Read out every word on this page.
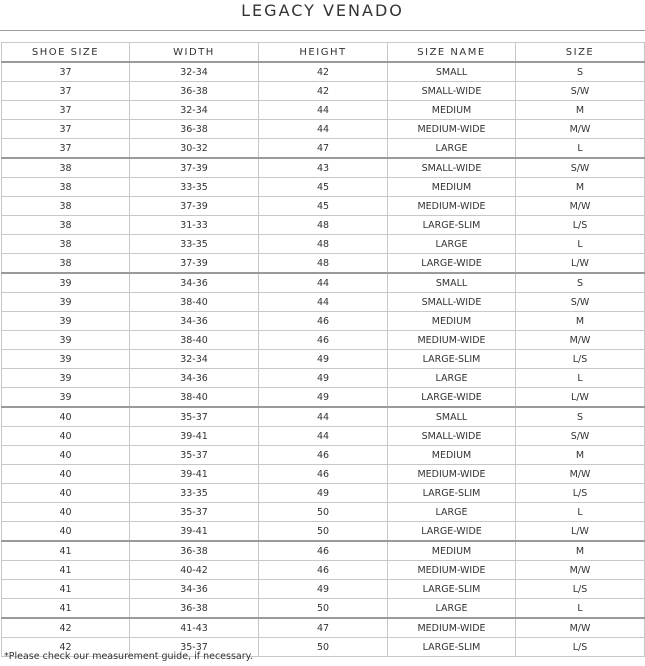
LEGACY VENADO
SHOE SIZE	WIDTH	HEIGHT	SIZE NAME	SIZE
37	32-34	42	SMALL	S
37	36-38	42	SMALL-WIDE	S/W
37	32-34	44	MEDIUM	M
37	36-38	44	MEDIUM-WIDE	M/W
37	30-32	47	LARGE	L
38	37-39	43	SMALL-WIDE	S/W
38	33-35	45	MEDIUM	M
38	37-39	45	MEDIUM-WIDE	M/W
38	31-33	48	LARGE-SLIM	L/S
38	33-35	48	LARGE	L
38	37-39	48	LARGE-WIDE	L/W
39	34-36	44	SMALL	S
39	38-40	44	SMALL-WIDE	S/W
39	34-36	46	MEDIUM	M
39	38-40	46	MEDIUM-WIDE	M/W
39	32-34	49	LARGE-SLIM	L/S
39	34-36	49	LARGE	L
39	38-40	49	LARGE-WIDE	L/W
40	35-37	44	SMALL	S
40	39-41	44	SMALL-WIDE	S/W
40	35-37	46	MEDIUM	M
40	39-41	46	MEDIUM-WIDE	M/W
40	33-35	49	LARGE-SLIM	L/S
40	35-37	50	LARGE	L
40	39-41	50	LARGE-WIDE	L/W
41	36-38	46	MEDIUM	M
41	40-42	46	MEDIUM-WIDE	M/W
41	34-36	49	LARGE-SLIM	L/S
41	36-38	50	LARGE	L
42	41-43	47	MEDIUM-WIDE	M/W
42	35-37	50	LARGE-SLIM	L/S
*Please check our measurement guide, if necessary.
